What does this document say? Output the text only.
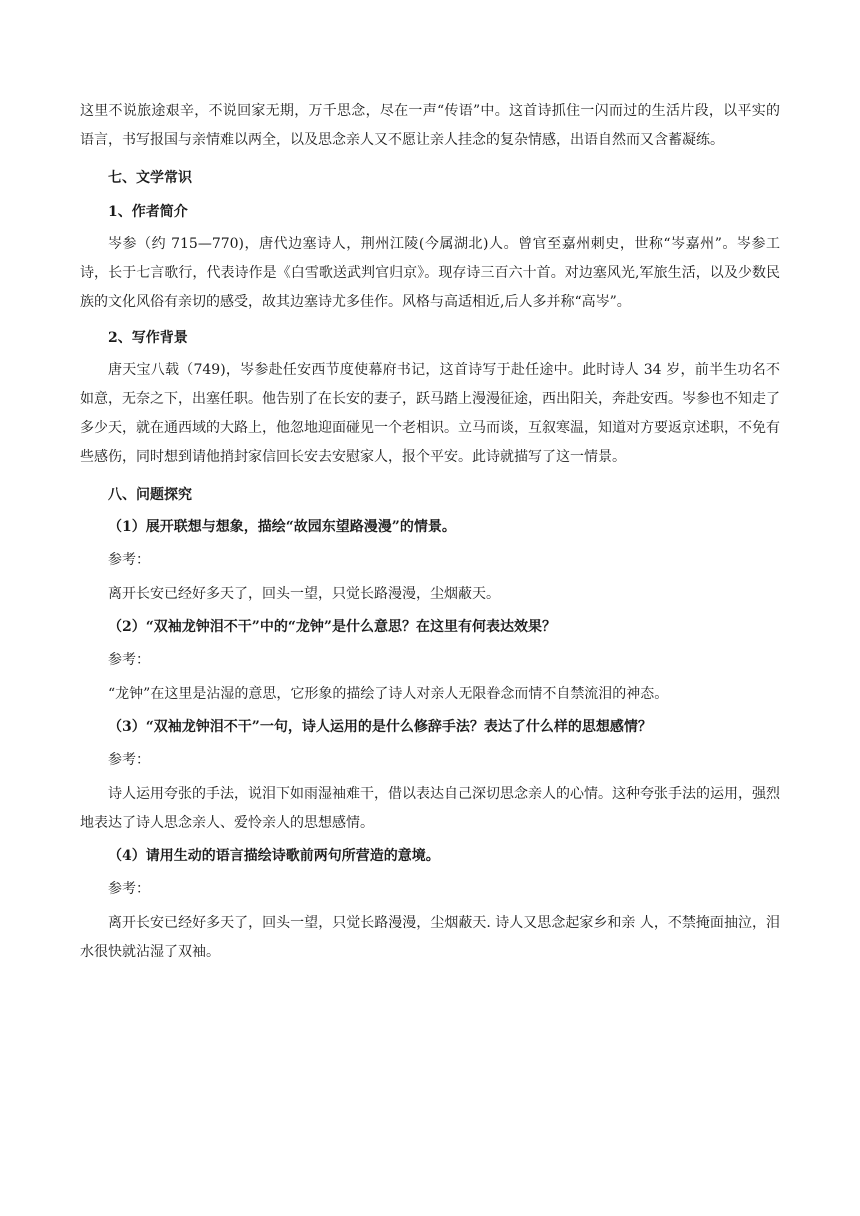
这里不说旅途艰辛，不说回家无期，万千思念，尽在一声“传语”中。这首诗抓住一闪而过的生活片段，以平实的语言，书写报国与亲情难以两全，以及思念亲人又不愿让亲人挂念的复杂情感，出语自然而又含蓄凝练。

七、文学常识

1、作者简介

岑参（约 715—770)，唐代边塞诗人，荆州江陵(今属湖北)人。曾官至嘉州刺史，世称“岑嘉州”。岑参工诗，长于七言歌行，代表诗作是《白雪歌送武判官归京》。现存诗三百六十首。对边塞风光,军旅生活，以及少数民族的文化风俗有亲切的感受，故其边塞诗尤多佳作。风格与高适相近,后人多并称“高岑”。

2、写作背景

唐天宝八载（749)，岑参赴任安西节度使幕府书记，这首诗写于赴任途中。此时诗人 34 岁，前半生功名不如意，无奈之下，出塞任职。他告别了在长安的妻子，跃马踏上漫漫征途，西出阳关，奔赴安西。岑参也不知走了多少天，就在通西域的大路上，他忽地迎面碰见一个老相识。立马而谈，互叙寒温，知道对方要返京述职，不免有些感伤，同时想到请他捎封家信回长安去安慰家人，报个平安。此诗就描写了这一情景。

八、问题探究

（1）展开联想与想象，描绘“故园东望路漫漫”的情景。

参考：

离开长安已经好多天了，回头一望，只觉长路漫漫，尘烟蔽天。

（2）“双袖龙钟泪不干”中的“龙钟”是什么意思？在这里有何表达效果？

参考：

“龙钟”在这里是沾湿的意思，它形象的描绘了诗人对亲人无限眷念而情不自禁流泪的神态。

（3）“双袖龙钟泪不干”一句，诗人运用的是什么修辞手法？表达了什么样的思想感情？

参考：

诗人运用夸张的手法，说泪下如雨湿袖难干，借以表达自己深切思念亲人的心情。这种夸张手法的运用，强烈地表达了诗人思念亲人、爱怜亲人的思想感情。

（4）请用生动的语言描绘诗歌前两句所营造的意境。

参考：

离开长安已经好多天了，回头一望，只觉长路漫漫，尘烟蔽天. 诗人又思念起家乡和亲 人，不禁掩面抽泣，泪水很快就沾湿了双袖。
